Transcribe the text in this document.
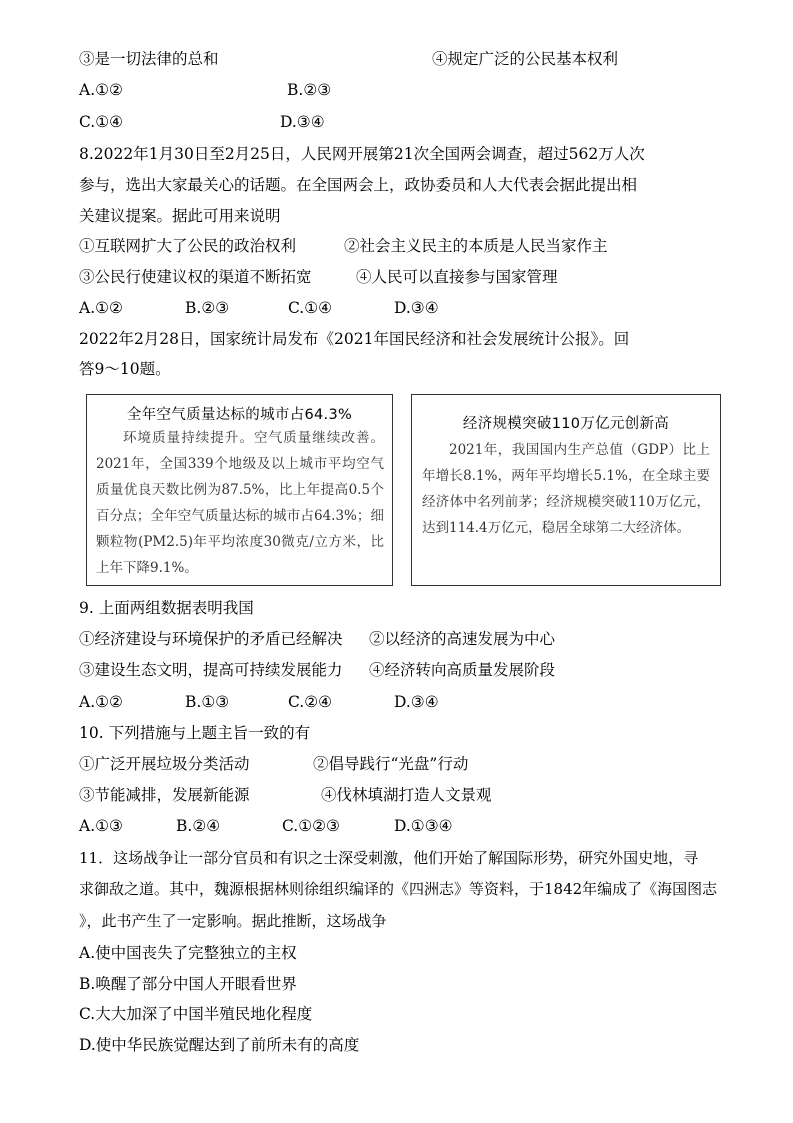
③是一切法律的总和	④规定广泛的公民基本权利
A.①②	B.②③
C.①④	D.③④
8.2022年1月30日至2月25日，人民网开展第21次全国两会调查，超过562万人次
参与，选出大家最关心的话题。在全国两会上，政协委员和人大代表会据此提出相
关建议提案。据此可用来说明
①互联网扩大了公民的政治权利	②社会主义民主的本质是人民当家作主
③公民行使建议权的渠道不断拓宽	④人民可以直接参与国家管理
A.①②	B.②③	C.①④	D.③④
2022年2月28日，国家统计局发布《2021年国民经济和社会发展统计公报》。回
答9～10题。
全年空气质量达标的城市占64.3%
环境质量持续提升。空气质量继续改善。2021年，全国339个地级及以上城市平均空气质量优良天数比例为87.5%，比上年提高0.5个百分点；全年空气质量达标的城市占64.3%；细颗粒物(PM2.5)年平均浓度30微克/立方米，比上年下降9.1%。
经济规模突破110万亿元创新高
2021年，我国国内生产总值（GDP）比上年增长8.1%，两年平均增长5.1%，在全球主要经济体中名列前茅；经济规模突破110万亿元，达到114.4万亿元，稳居全球第二大经济体。
9. 上面两组数据表明我国
①经济建设与环境保护的矛盾已经解决 ②以经济的高速发展为中心
③建设生态文明，提高可持续发展能力 ④经济转向高质量发展阶段
A.①②	B.①③	C.②④	D.③④
10. 下列措施与上题主旨一致的有
①广泛开展垃圾分类活动	②倡导践行“光盘”行动
③节能减排，发展新能源	④伐林填湖打造人文景观
A.①③	B.②④	C.①②③	D.①③④
11．这场战争让一部分官员和有识之士深受刺激，他们开始了解国际形势，研究外国史地，寻
求御敌之道。其中，魏源根据林则徐组织编译的《四洲志》等资料，于1842年编成了《海国图志
》，此书产生了一定影响。据此推断，这场战争
A.使中国丧失了完整独立的主权
B.唤醒了部分中国人开眼看世界
C.大大加深了中国半殖民地化程度
D.使中华民族觉醒达到了前所未有的高度
